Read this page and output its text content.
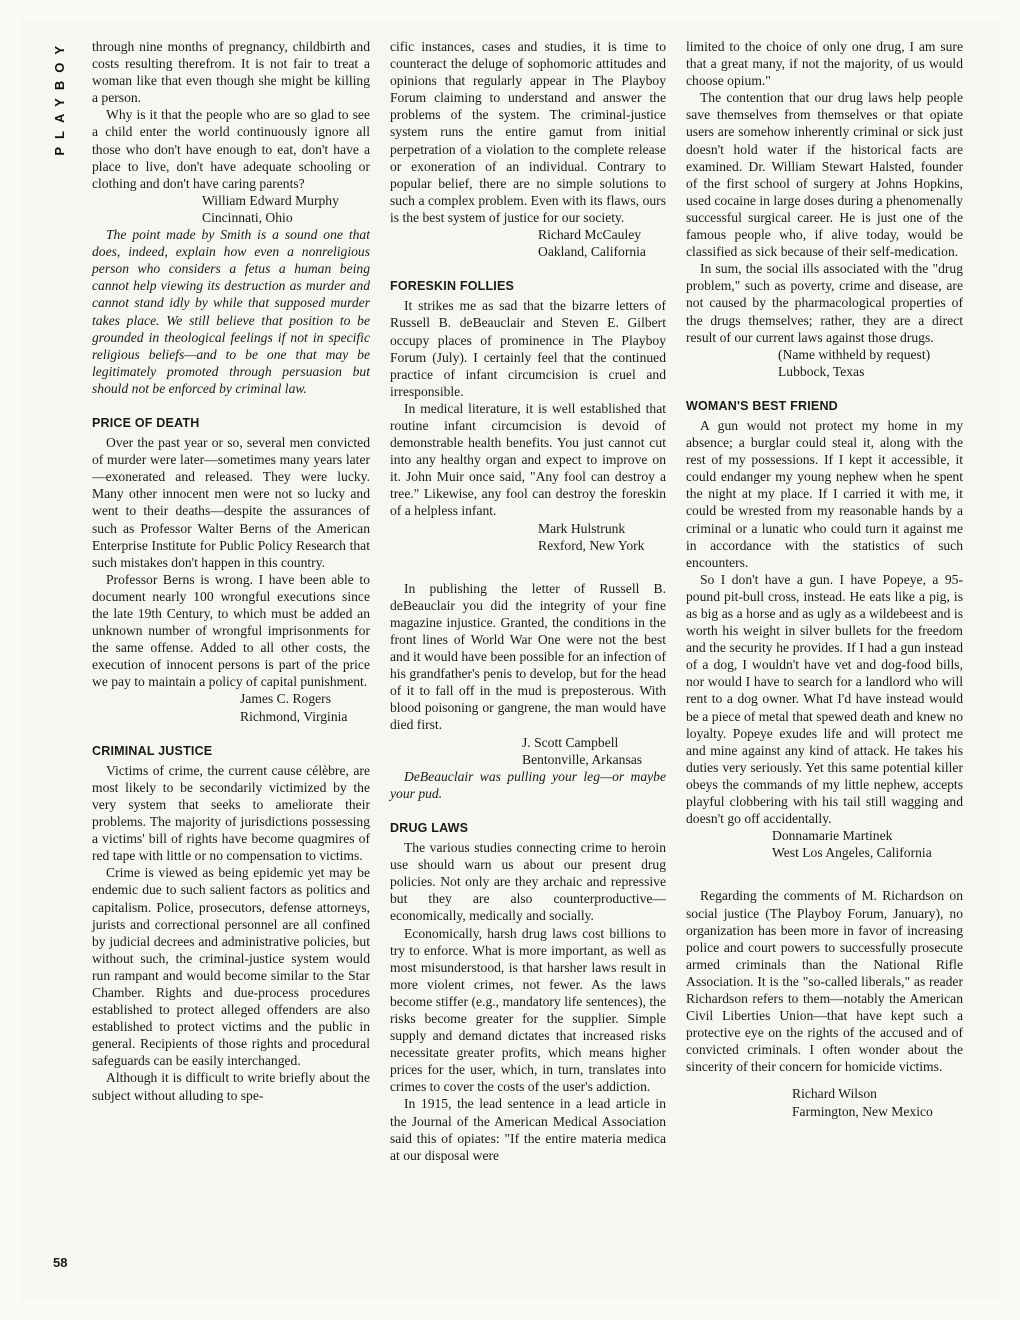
PLAYBOY
58

through nine months of pregnancy, childbirth and costs resulting therefrom. It is not fair to treat a woman like that even though she might be killing a person.

Why is it that the people who are so glad to see a child enter the world continuously ignore all those who don't have enough to eat, don't have a place to live, don't have adequate schooling or clothing and don't have caring parents?

William Edward Murphy
Cincinnati, Ohio

The point made by Smith is a sound one that does, indeed, explain how even a nonreligious person who considers a fetus a human being cannot help viewing its destruction as murder and cannot stand idly by while that supposed murder takes place. We still believe that position to be grounded in theological feelings if not in specific religious beliefs—and to be one that may be legitimately promoted through persuasion but should not be enforced by criminal law.

PRICE OF DEATH

Over the past year or so, several men convicted of murder were later—sometimes many years later—exonerated and released. They were lucky. Many other innocent men were not so lucky and went to their deaths—despite the assurances of such as Professor Walter Berns of the American Enterprise Institute for Public Policy Research that such mistakes don't happen in this country.

Professor Berns is wrong. I have been able to document nearly 100 wrongful executions since the late 19th Century, to which must be added an unknown number of wrongful imprisonments for the same offense. Added to all other costs, the execution of innocent persons is part of the price we pay to maintain a policy of capital punishment.

James C. Rogers
Richmond, Virginia
CRIMINAL JUSTICE

Victims of crime, the current cause célèbre, are most likely to be secondarily victimized by the very system that seeks to ameliorate their problems. The majority of jurisdictions possessing a victims' bill of rights have become quagmires of red tape with little or no compensation to victims.

Crime is viewed as being epidemic yet may be endemic due to such salient factors as politics and capitalism. Police, prosecutors, defense attorneys, jurists and correctional personnel are all confined by judicial decrees and administrative policies, but without such, the criminal-justice system would run rampant and would become similar to the Star Chamber. Rights and due-process procedures established to protect alleged offenders are also established to protect victims and the public in general. Recipients of those rights and procedural safeguards can be easily interchanged.

Although it is difficult to write briefly about the subject without alluding to spe-

cific instances, cases and studies, it is time to counteract the deluge of sophomoric attitudes and opinions that regularly appear in The Playboy Forum claiming to understand and answer the problems of the system. The criminal-justice system runs the entire gamut from initial perpetration of a violation to the complete release or exoneration of an individual. Contrary to popular belief, there are no simple solutions to such a complex problem. Even with its flaws, ours is the best system of justice for our society.

Richard McCauley
Oakland, California
FORESKIN FOLLIES

It strikes me as sad that the bizarre letters of Russell B. deBeauclair and Steven E. Gilbert occupy places of prominence in The Playboy Forum (July). I certainly feel that the continued practice of infant circumcision is cruel and irresponsible.

In medical literature, it is well established that routine infant circumcision is devoid of demonstrable health benefits. You just cannot cut into any healthy organ and expect to improve on it. John Muir once said, "Any fool can destroy a tree." Likewise, any fool can destroy the foreskin of a helpless infant.

Mark Hulstrunk
Rexford, New York

In publishing the letter of Russell B. deBeauclair you did the integrity of your fine magazine injustice. Granted, the conditions in the front lines of World War One were not the best and it would have been possible for an infection of his grandfather's penis to develop, but for the head of it to fall off in the mud is preposterous. With blood poisoning or gangrene, the man would have died first.

J. Scott Campbell
Bentonville, Arkansas

DeBeauclair was pulling your leg—or maybe your pud.

DRUG LAWS

The various studies connecting crime to heroin use should warn us about our present drug policies. Not only are they archaic and repressive but they are also counterproductive—economically, medically and socially.

Economically, harsh drug laws cost billions to try to enforce. What is more important, as well as most misunderstood, is that harsher laws result in more violent crimes, not fewer. As the laws become stiffer (e.g., mandatory life sentences), the risks become greater for the supplier. Simple supply and demand dictates that increased risks necessitate greater profits, which means higher prices for the user, which, in turn, translates into crimes to cover the costs of the user's addiction.

In 1915, the lead sentence in a lead article in the Journal of the American Medical Association said this of opiates: "If the entire materia medica at our disposal were

limited to the choice of only one drug, I am sure that a great many, if not the majority, of us would choose opium."

The contention that our drug laws help people save themselves from themselves or that opiate users are somehow inherently criminal or sick just doesn't hold water if the historical facts are examined. Dr. William Stewart Halsted, founder of the first school of surgery at Johns Hopkins, used cocaine in large doses during a phenomenally successful surgical career. He is just one of the famous people who, if alive today, would be classified as sick because of their self-medication.

In sum, the social ills associated with the "drug problem," such as poverty, crime and disease, are not caused by the pharmacological properties of the drugs themselves; rather, they are a direct result of our current laws against those drugs.

(Name withheld by request)
Lubbock, Texas
WOMAN'S BEST FRIEND

A gun would not protect my home in my absence; a burglar could steal it, along with the rest of my possessions. If I kept it accessible, it could endanger my young nephew when he spent the night at my place. If I carried it with me, it could be wrested from my reasonable hands by a criminal or a lunatic who could turn it against me in accordance with the statistics of such encounters.

So I don't have a gun. I have Popeye, a 95-pound pit-bull cross, instead. He eats like a pig, is as big as a horse and as ugly as a wildebeest and is worth his weight in silver bullets for the freedom and the security he provides. If I had a gun instead of a dog, I wouldn't have vet and dog-food bills, nor would I have to search for a landlord who will rent to a dog owner. What I'd have instead would be a piece of metal that spewed death and knew no loyalty. Popeye exudes life and will protect me and mine against any kind of attack. He takes his duties very seriously. Yet this same potential killer obeys the commands of my little nephew, accepts playful clobbering with his tail still wagging and doesn't go off accidentally.

Donnamarie Martinek
West Los Angeles, California

Regarding the comments of M. Richardson on social justice (The Playboy Forum, January), no organization has been more in favor of increasing police and court powers to successfully prosecute armed criminals than the National Rifle Association. It is the "so-called liberals," as reader Richardson refers to them—notably the American Civil Liberties Union—that have kept such a protective eye on the rights of the accused and of convicted criminals. I often wonder about the sincerity of their concern for homicide victims.

Richard Wilson
Farmington, New Mexico
